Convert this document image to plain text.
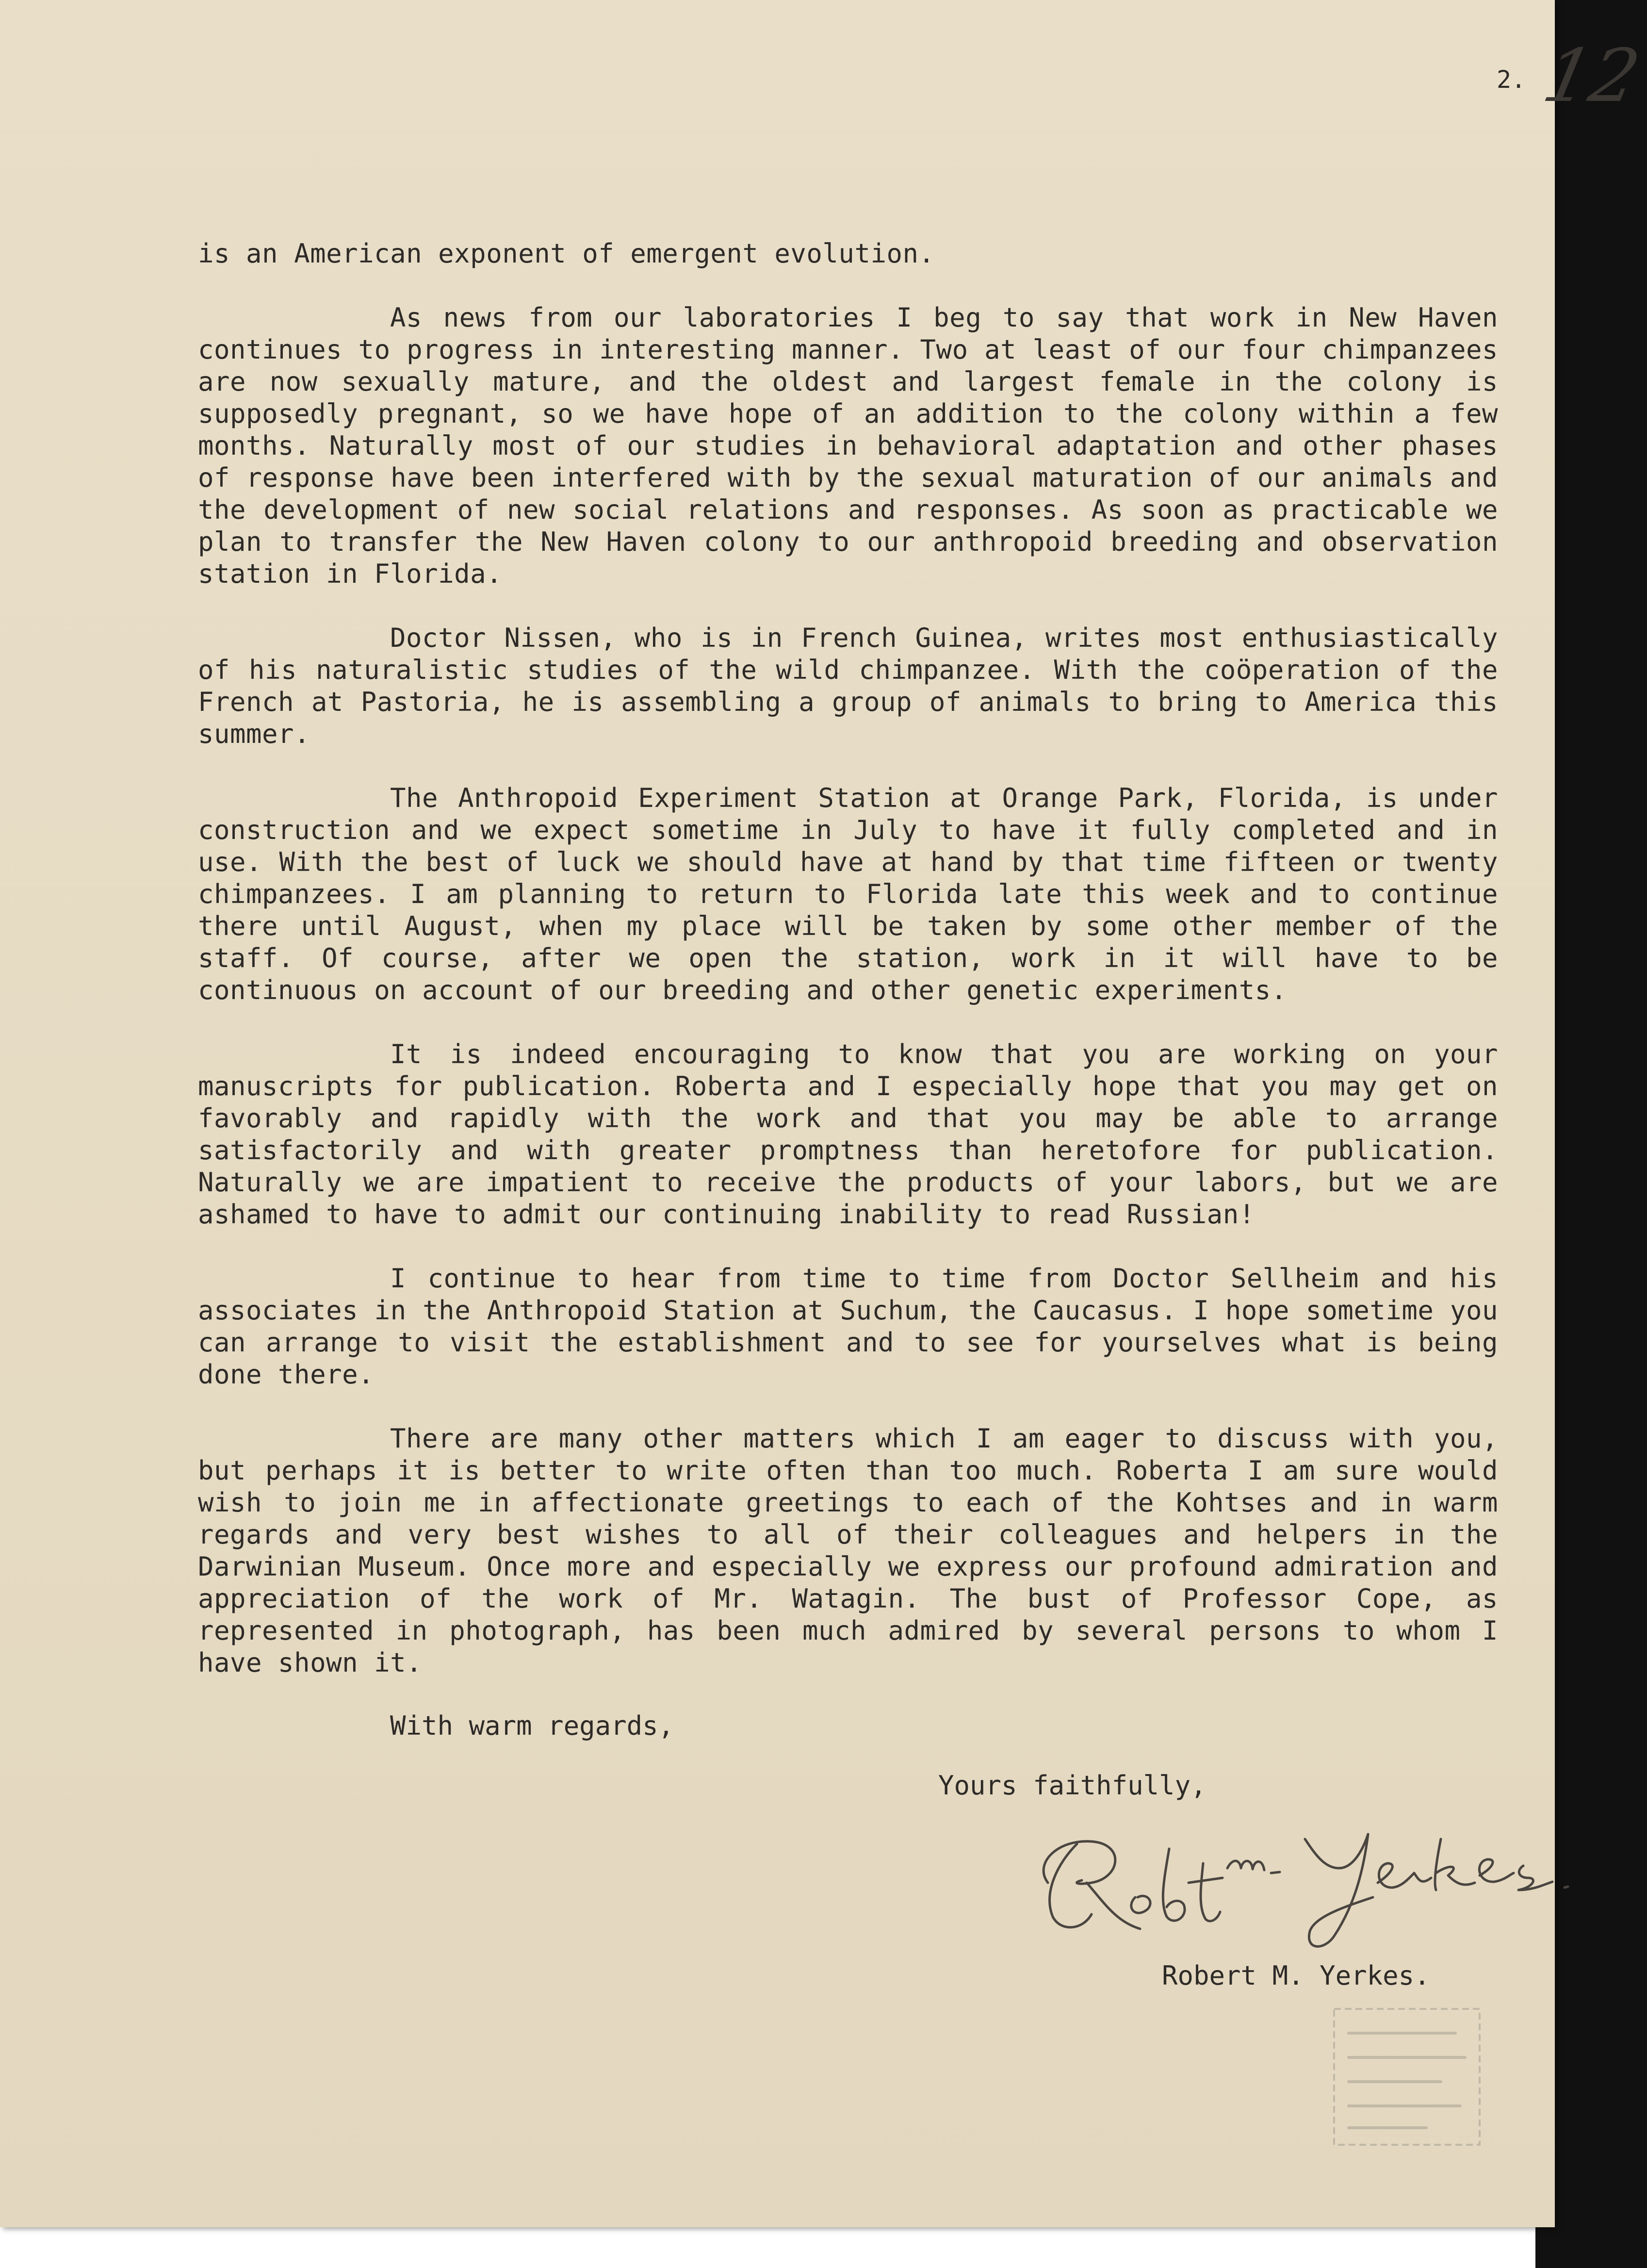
2. 12

is an American exponent of emergent evolution.

As news from our laboratories I beg to say that work in New Haven continues to progress in interesting manner. Two at least of our four chimpanzees are now sexually mature, and the oldest and largest female in the colony is supposedly pregnant, so we have hope of an addition to the colony within a few months. Naturally most of our studies in behavioral adaptation and other phases of response have been interfered with by the sexual maturation of our animals and the development of new social relations and responses. As soon as practicable we plan to transfer the New Haven colony to our anthropoid breeding and observation station in Florida.

Doctor Nissen, who is in French Guinea, writes most enthusiastically of his naturalistic studies of the wild chimpanzee. With the coöperation of the French at Pastoria, he is assembling a group of animals to bring to America this summer.

The Anthropoid Experiment Station at Orange Park, Florida, is under construction and we expect sometime in July to have it fully completed and in use. With the best of luck we should have at hand by that time fifteen or twenty chimpanzees. I am planning to return to Florida late this week and to continue there until August, when my place will be taken by some other member of the staff. Of course, after we open the station, work in it will have to be continuous on account of our breeding and other genetic experiments.

It is indeed encouraging to know that you are working on your manuscripts for publication. Roberta and I especially hope that you may get on favorably and rapidly with the work and that you may be able to arrange satisfactorily and with greater promptness than heretofore for publication. Naturally we are impatient to receive the products of your labors, but we are ashamed to have to admit our continuing inability to read Russian!

I continue to hear from time to time from Doctor Sellheim and his associates in the Anthropoid Station at Suchum, the Caucasus. I hope sometime you can arrange to visit the establishment and to see for yourselves what is being done there.

There are many other matters which I am eager to discuss with you, but perhaps it is better to write often than too much. Roberta I am sure would wish to join me in affectionate greetings to each of the Kohtses and in warm regards and very best wishes to all of their colleagues and helpers in the Darwinian Museum. Once more and especially we express our profound admiration and appreciation of the work of Mr. Watagin. The bust of Professor Cope, as represented in photograph, has been much admired by several persons to whom I have shown it.

With warm regards,
Yours faithfully,
Robert M. Yerkes.
